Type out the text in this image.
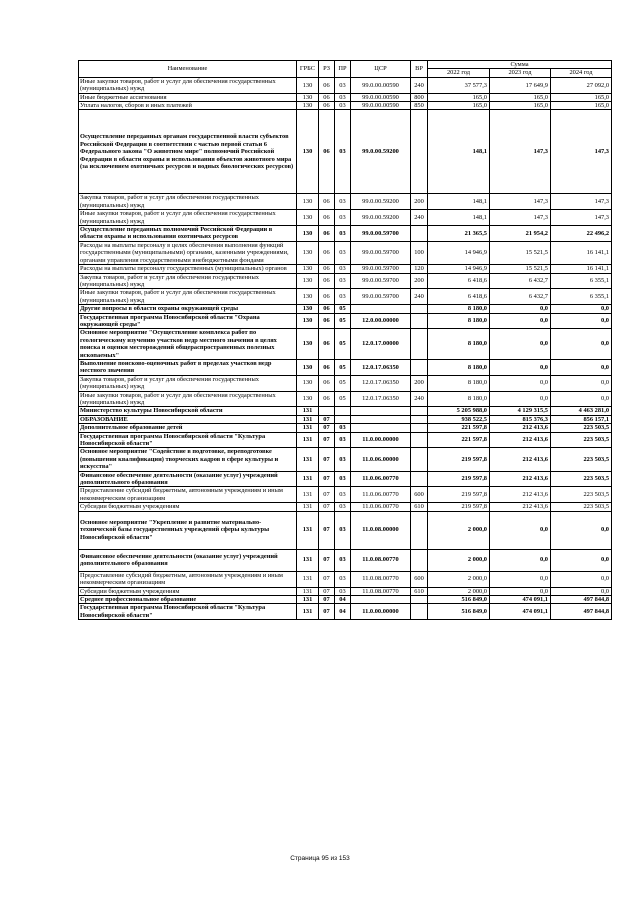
Наименование	ГРБС	РЗ	ПР	ЦСР	ВР	Сумма		
						2022 год	2023 год	2024 год
Иные закупки товаров, работ и услуг для обеспечения государственных (муниципальных) нужд	130	06	03	99.0.00.00590	240	37 577,3	17 649,9	27 092,0
Иные бюджетные ассигнования	130	06	03	99.0.00.00590	800	165,0	165,0	165,0
Уплата налогов, сборов и иных платежей	130	06	03	99.0.00.00590	850	165,0	165,0	165,0
Осуществление переданных органам государственной власти субъектов Российской Федерации в соответствии с частью первой статьи 6 Федерального закона "О животном мире" полномочий Российской Федерации в области охраны и использования объектов животного мира (за исключением охотничьих ресурсов и водных биологических ресурсов)	130	06	03	99.0.00.59200		148,1	147,3	147,3
Закупка товаров, работ и услуг для обеспечения государственных (муниципальных) нужд	130	06	03	99.0.00.59200	200	148,1	147,3	147,3
Иные закупки товаров, работ и услуг для обеспечения государственных (муниципальных) нужд	130	06	03	99.0.00.59200	240	148,1	147,3	147,3
Осуществление переданных полномочий Российской Федерации в области охраны и использования охотничьих ресурсов	130	06	03	99.0.00.59700		21 365,5	21 954,2	22 496,2
Расходы на выплаты персоналу в целях обеспечения выполнения функций государственными (муниципальными) органами, казенными учреждениями, органами управления государственными внебюджетными фондами	130	06	03	99.0.00.59700	100	14 946,9	15 521,5	16 141,1
Расходы на выплаты персоналу государственных (муниципальных) органов	130	06	03	99.0.00.59700	120	14 946,9	15 521,5	16 141,1
Закупка товаров, работ и услуг для обеспечения государственных (муниципальных) нужд	130	06	03	99.0.00.59700	200	6 418,6	6 432,7	6 355,1
Иные закупки товаров, работ и услуг для обеспечения государственных (муниципальных) нужд	130	06	03	99.0.00.59700	240	6 418,6	6 432,7	6 355,1
Другие вопросы в области охраны окружающей среды	130	06	05			8 180,0	0,0	0,0
Государственная программа Новосибирской области "Охрана окружающей среды"	130	06	05	12.0.00.00000		8 180,0	0,0	0,0
Основное мероприятие "Осуществление комплекса работ по геологическому изучению участков недр местного значения в целях поиска и оценки месторождений общераспространенных полезных ископаемых"	130	06	05	12.0.17.00000		8 180,0	0,0	0,0
Выполнение поисково-оценочных работ в пределах участков недр местного значения	130	06	05	12.0.17.06350		8 180,0	0,0	0,0
Закупка товаров, работ и услуг для обеспечения государственных (муниципальных) нужд	130	06	05	12.0.17.06350	200	8 180,0	0,0	0,0
Иные закупки товаров, работ и услуг для обеспечения государственных (муниципальных) нужд	130	06	05	12.0.17.06350	240	8 180,0	0,0	0,0
Министерство культуры Новосибирской области	131					5 205 988,0	4 129 315,5	4 463 281,0
ОБРАЗОВАНИЕ	131	07				938 522,5	815 376,3	856 157,1
Дополнительное образование детей	131	07	03			221 597,8	212 413,6	223 503,5
Государственная программа Новосибирской области "Культура Новосибирской области"	131	07	03	11.0.00.00000		221 597,8	212 413,6	223 503,5
Основное мероприятие "Содействие в подготовке, переподготовке (повышении квалификации) творческих кадров в сфере культуры и искусства"	131	07	03	11.0.06.00000		219 597,8	212 413,6	223 503,5
Финансовое обеспечение деятельности (оказание услуг) учреждений дополнительного образования	131	07	03	11.0.06.00770		219 597,8	212 413,6	223 503,5
Предоставление субсидий бюджетным, автономным учреждениям и иным некоммерческим организациям	131	07	03	11.0.06.00770	600	219 597,8	212 413,6	223 503,5
Субсидии бюджетным учреждениям	131	07	03	11.0.06.00770	610	219 597,8	212 413,6	223 503,5
Основное мероприятие "Укрепление и развитие материально-технической базы государственных учреждений сферы культуры Новосибирской области"	131	07	03	11.0.08.00000		2 000,0	0,0	0,0
Финансовое обеспечение деятельности (оказание услуг) учреждений дополнительного образования	131	07	03	11.0.08.00770		2 000,0	0,0	0,0
Предоставление субсидий бюджетным, автономным учреждениям и иным некоммерческим организациям	131	07	03	11.0.08.00770	600	2 000,0	0,0	0,0
Субсидии бюджетным учреждениям	131	07	03	11.0.08.00770	610	2 000,0	0,0	0,0
Среднее профессиональное образование	131	07	04			516 849,0	474 091,1	497 844,8
Государственная программа Новосибирской области "Культура Новосибирской области"	131	07	04	11.0.00.00000		516 849,0	474 091,1	497 844,8
Страница 95 из 153
